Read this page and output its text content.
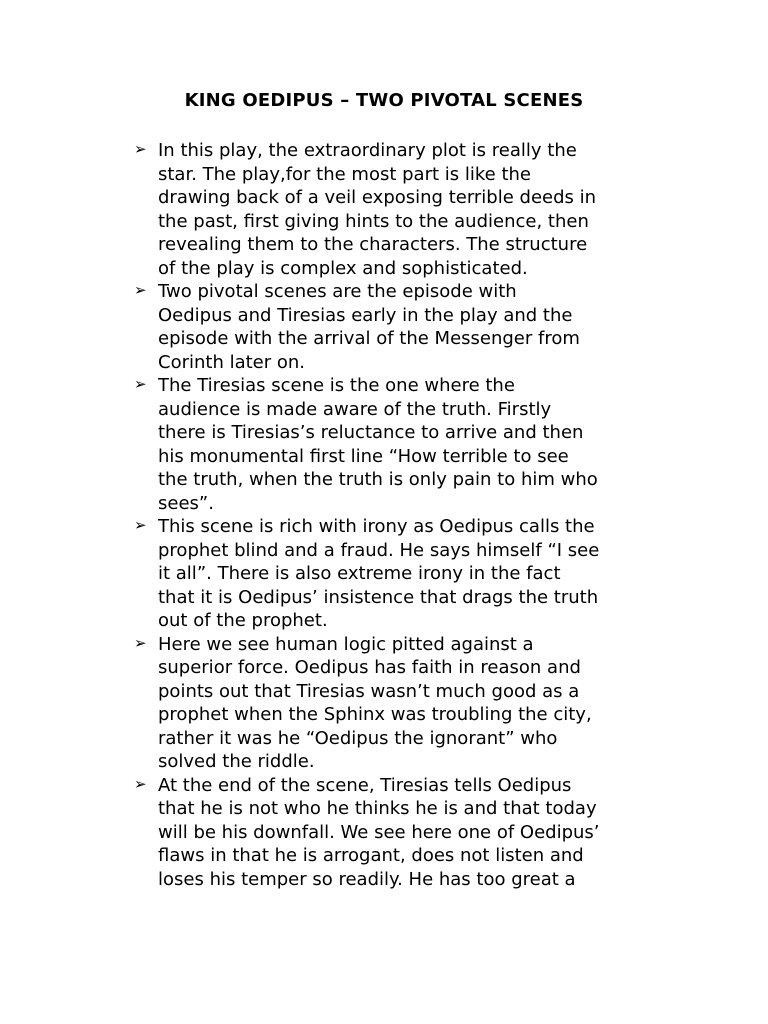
KING OEDIPUS – TWO PIVOTAL SCENES
➢ In this play, the extraordinary plot is really the
star. The play,for the most part is like the
drawing back of a veil exposing terrible deeds in
the past, first giving hints to the audience, then
revealing them to the characters. The structure
of the play is complex and sophisticated.
➢ Two pivotal scenes are the episode with
Oedipus and Tiresias early in the play and the
episode with the arrival of the Messenger from
Corinth later on.
➢ The Tiresias scene is the one where the
audience is made aware of the truth. Firstly
there is Tiresias’s reluctance to arrive and then
his monumental first line “How terrible to see
the truth, when the truth is only pain to him who
sees”.
➢ This scene is rich with irony as Oedipus calls the
prophet blind and a fraud. He says himself “I see
it all”. There is also extreme irony in the fact
that it is Oedipus’ insistence that drags the truth
out of the prophet.
➢ Here we see human logic pitted against a
superior force. Oedipus has faith in reason and
points out that Tiresias wasn’t much good as a
prophet when the Sphinx was troubling the city,
rather it was he “Oedipus the ignorant” who
solved the riddle.
➢ At the end of the scene, Tiresias tells Oedipus
that he is not who he thinks he is and that today
will be his downfall. We see here one of Oedipus’
flaws in that he is arrogant, does not listen and
loses his temper so readily. He has too great a
